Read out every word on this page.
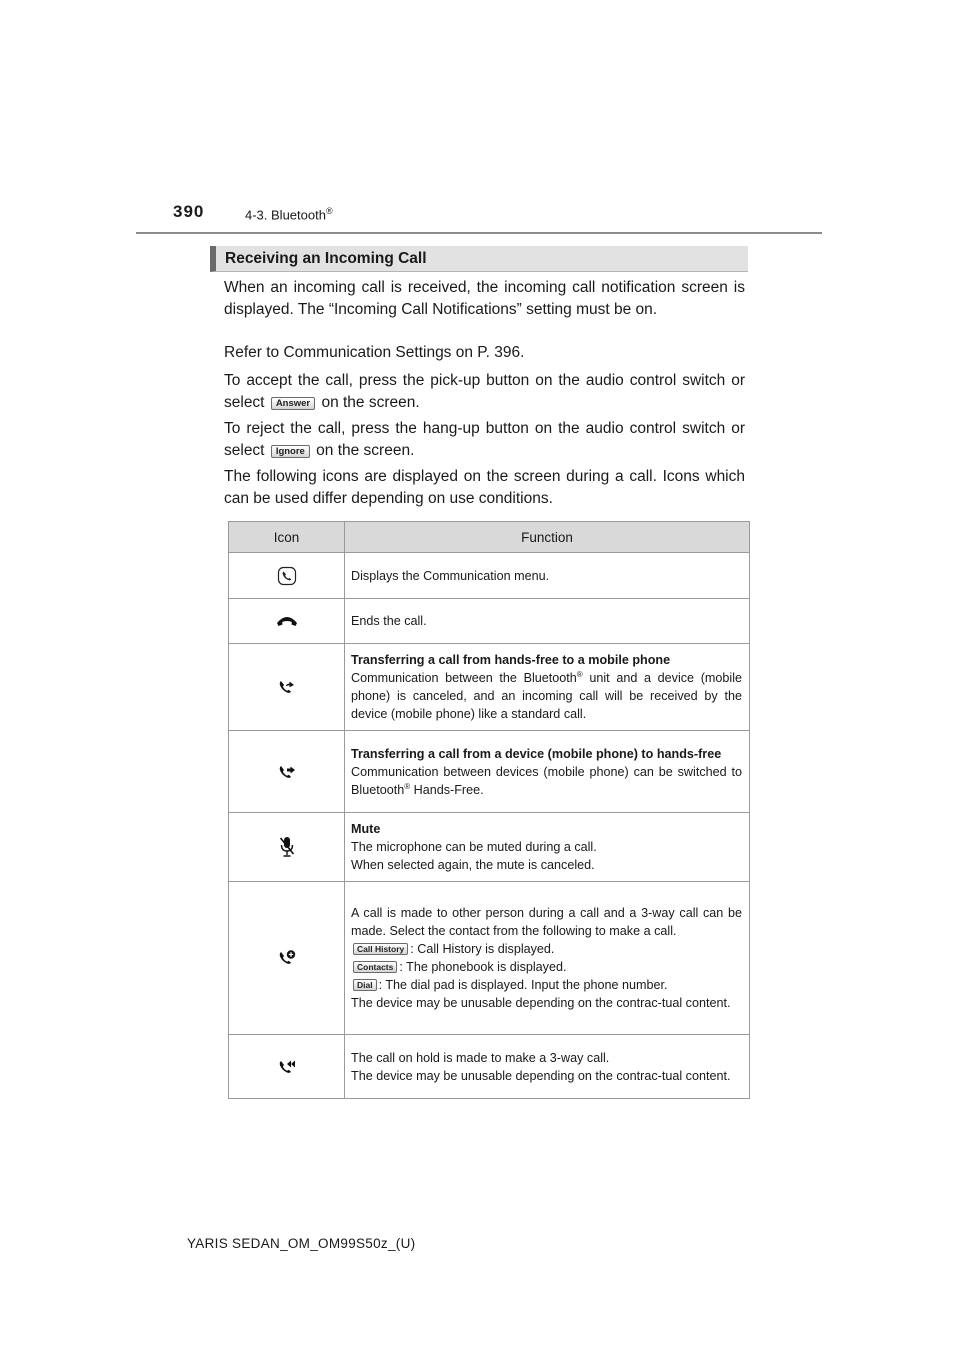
390	4-3. Bluetooth®
Receiving an Incoming Call

When an incoming call is received, the incoming call notification screen is displayed. The “Incoming Call Notifications” setting must be on.

Refer to Communication Settings on P. 396.

To accept the call, press the pick-up button on the audio control switch or select Answer on the screen.

To reject the call, press the hang-up button on the audio control switch or select Ignore on the screen.

The following icons are displayed on the screen during a call. Icons which can be used differ depending on use conditions.

Icon	Function
	Displays the Communication menu.
	Ends the call.

Transferring a call from hands-free to a mobile phone
Communication between the Bluetooth® unit and a device (mobile phone) is canceled, and an incoming call will be received by the device (mobile phone) like a standard call.

Transferring a call from a device (mobile phone) to hands-free
Communication between devices (mobile phone) can be switched to Bluetooth® Hands-Free.

Mute
The microphone can be muted during a call.
When selected again, the mute is canceled.

A call is made to other person during a call and a 3-way call can be made. Select the contact from the following to make a call.
Call History : Call History is displayed.
Contacts : The phonebook is displayed.
Dial : The dial pad is displayed. Input the phone number.
The device may be unusable depending on the contrac-tual content.

The call on hold is made to make a 3-way call.
The device may be unusable depending on the contrac-tual content.
YARIS SEDAN_OM_OM99S50z_(U)
